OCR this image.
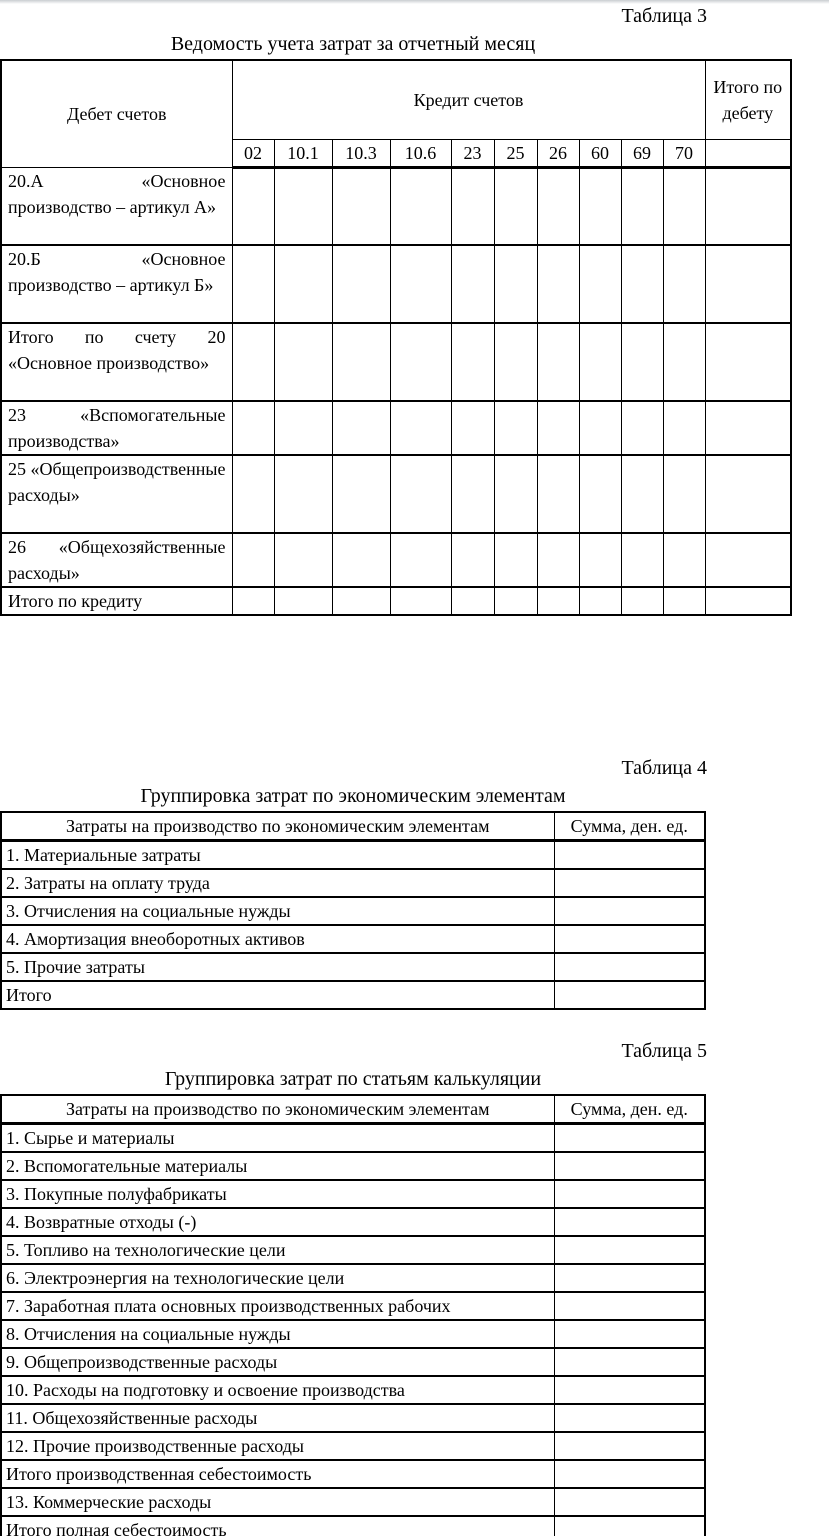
Таблица 3
Ведомость учета затрат за отчетный месяц
Дебет счетов	Кредит счетов										Итого по дебету
	02	10.1	10.3	10.6	23	25	26	60	69	70	
20.А «Основное производство – артикул А»											
20.Б «Основное производство – артикул Б»											
Итого по счету 20 «Основное производство»											
23 «Вспомогательные производства»											
25 «Общепроизводственные расходы»											
26 «Общехозяйственные расходы»											
Итого по кредиту											
Таблица 4
Группировка затрат по экономическим элементам
Затраты на производство по экономическим элементам	Сумма, ден. ед.
1. Материальные затраты	
2. Затраты на оплату труда	
3. Отчисления на социальные нужды	
4. Амортизация внеоборотных активов	
5. Прочие затраты	
Итого	
Таблица 5
Группировка затрат по статьям калькуляции
Затраты на производство по экономическим элементам	Сумма, ден. ед.
1. Сырье и материалы	
2. Вспомогательные материалы	
3. Покупные полуфабрикаты	
4. Возвратные отходы (-)	
5. Топливо на технологические цели	
6. Электроэнергия на технологические цели	
7. Заработная плата основных производственных рабочих	
8. Отчисления на социальные нужды	
9. Общепроизводственные расходы	
10. Расходы на подготовку и освоение производства	
11. Общехозяйственные расходы	
12. Прочие производственные расходы	
Итого производственная себестоимость	
13. Коммерческие расходы	
Итого полная себестоимость	
